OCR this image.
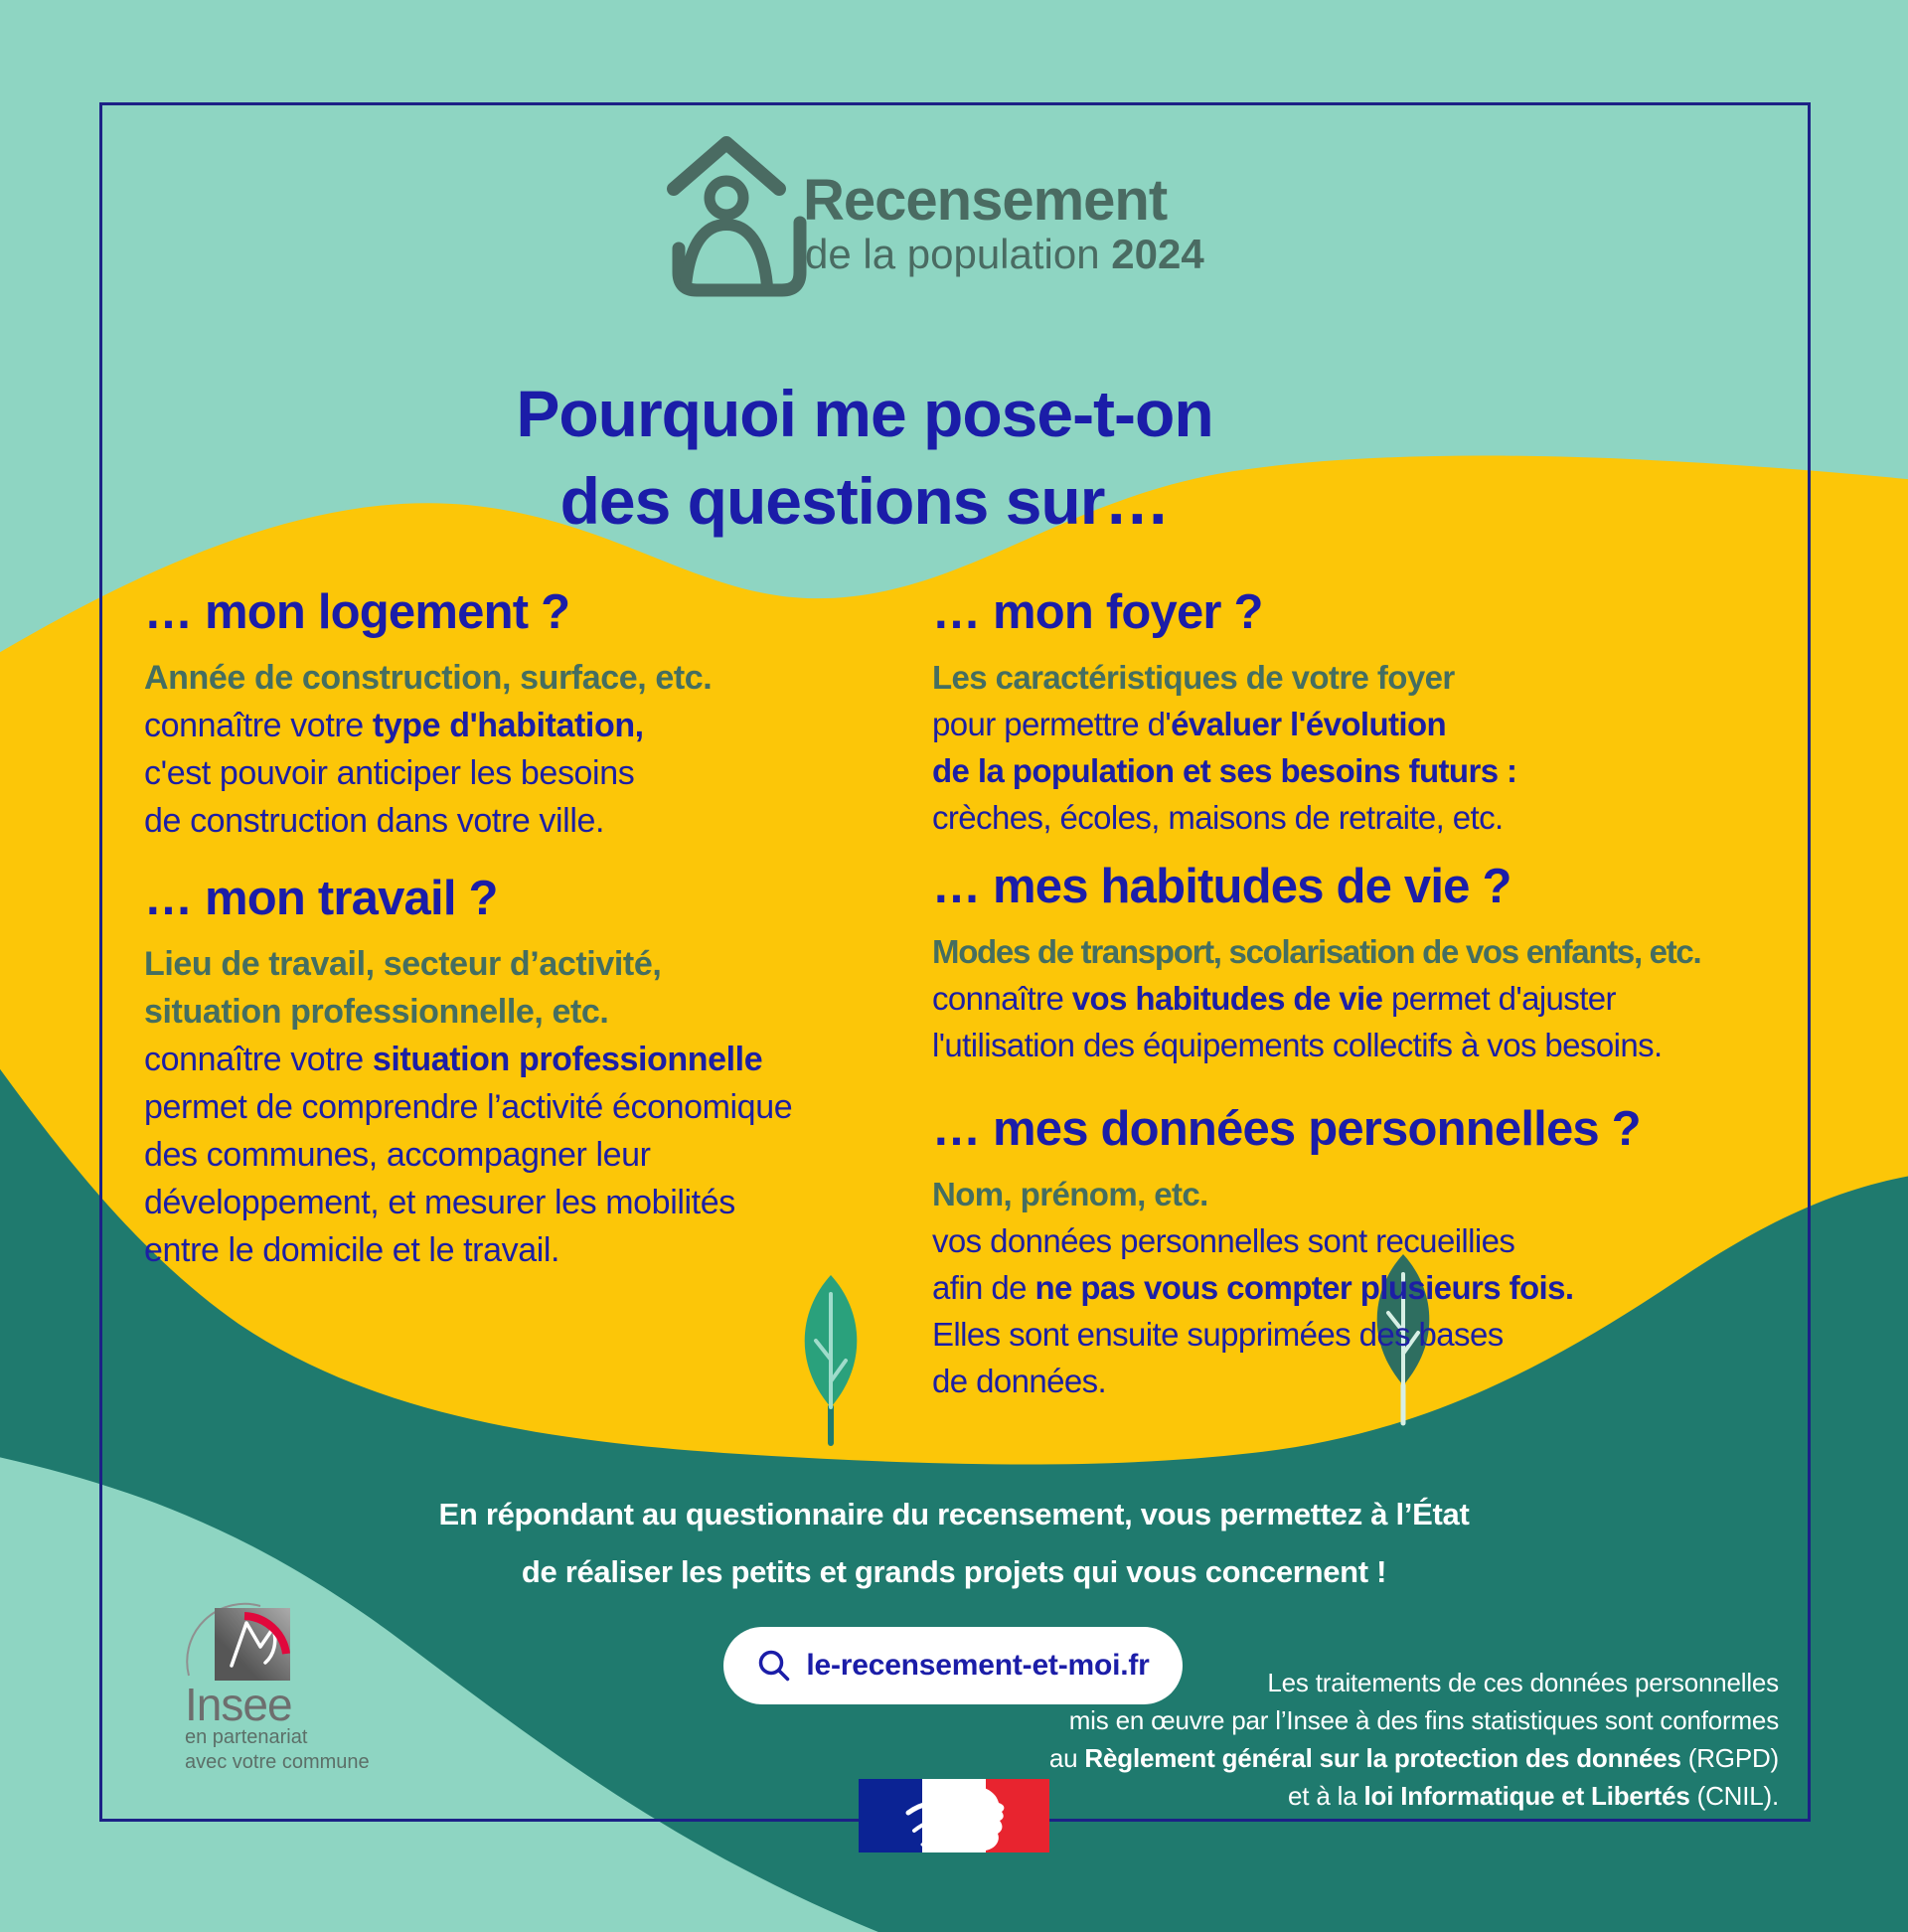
Recensement
de la population 2024
Pourquoi me pose-t-on
des questions sur…
… mon logement ?
Année de construction, surface, etc.
connaître votre type d'habitation,
c'est pouvoir anticiper les besoins
de construction dans votre ville.
… mon travail ?
Lieu de travail, secteur d’activité,
situation professionnelle, etc.
connaître votre situation professionnelle
permet de comprendre l’activité économique
des communes, accompagner leur
développement, et mesurer les mobilités
entre le domicile et le travail.
… mon foyer ?
Les caractéristiques de votre foyer
pour permettre d'évaluer l'évolution
de la population et ses besoins futurs :
crèches, écoles, maisons de retraite, etc.
… mes habitudes de vie ?
Modes de transport, scolarisation de vos enfants, etc.
connaître vos habitudes de vie permet d'ajuster
l'utilisation des équipements collectifs à vos besoins.
… mes données personnelles ?
Nom, prénom, etc.
vos données personnelles sont recueillies
afin de ne pas vous compter plusieurs fois.
Elles sont ensuite supprimées des bases
de données.
En répondant au questionnaire du recensement, vous permettez à l’État
de réaliser les petits et grands projets qui vous concernent !
le-recensement-et-moi.fr
Insee
en partenariat
avec votre commune
Les traitements de ces données personnelles
mis en œuvre par l’Insee à des fins statistiques sont conformes
au Règlement général sur la protection des données (RGPD)
et à la loi Informatique et Libertés (CNIL).
